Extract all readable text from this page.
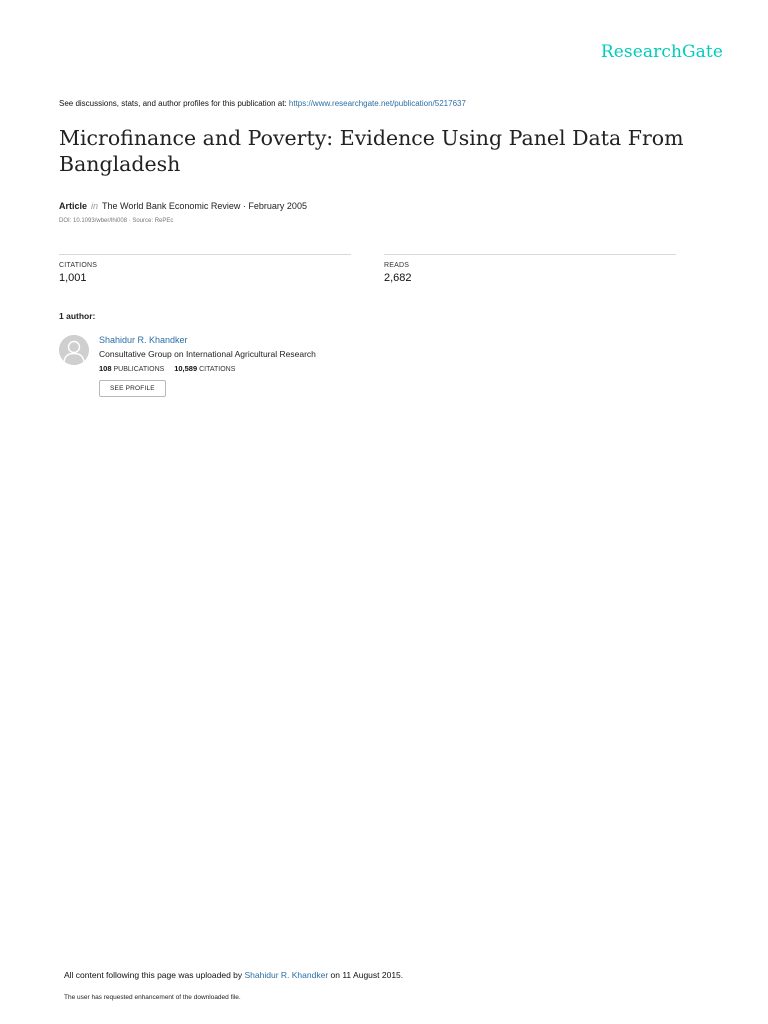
ResearchGate
See discussions, stats, and author profiles for this publication at: https://www.researchgate.net/publication/5217637
Microfinance and Poverty: Evidence Using Panel Data From Bangladesh
Article in The World Bank Economic Review · February 2005
DOI: 10.1093/wber/lhi008 · Source: RePEc
CITATIONS
1,001
READS
2,682
1 author:
Shahidur R. Khandker
Consultative Group on International Agricultural Research
108 PUBLICATIONS 10,589 CITATIONS
SEE PROFILE
All content following this page was uploaded by Shahidur R. Khandker on 11 August 2015.
The user has requested enhancement of the downloaded file.
